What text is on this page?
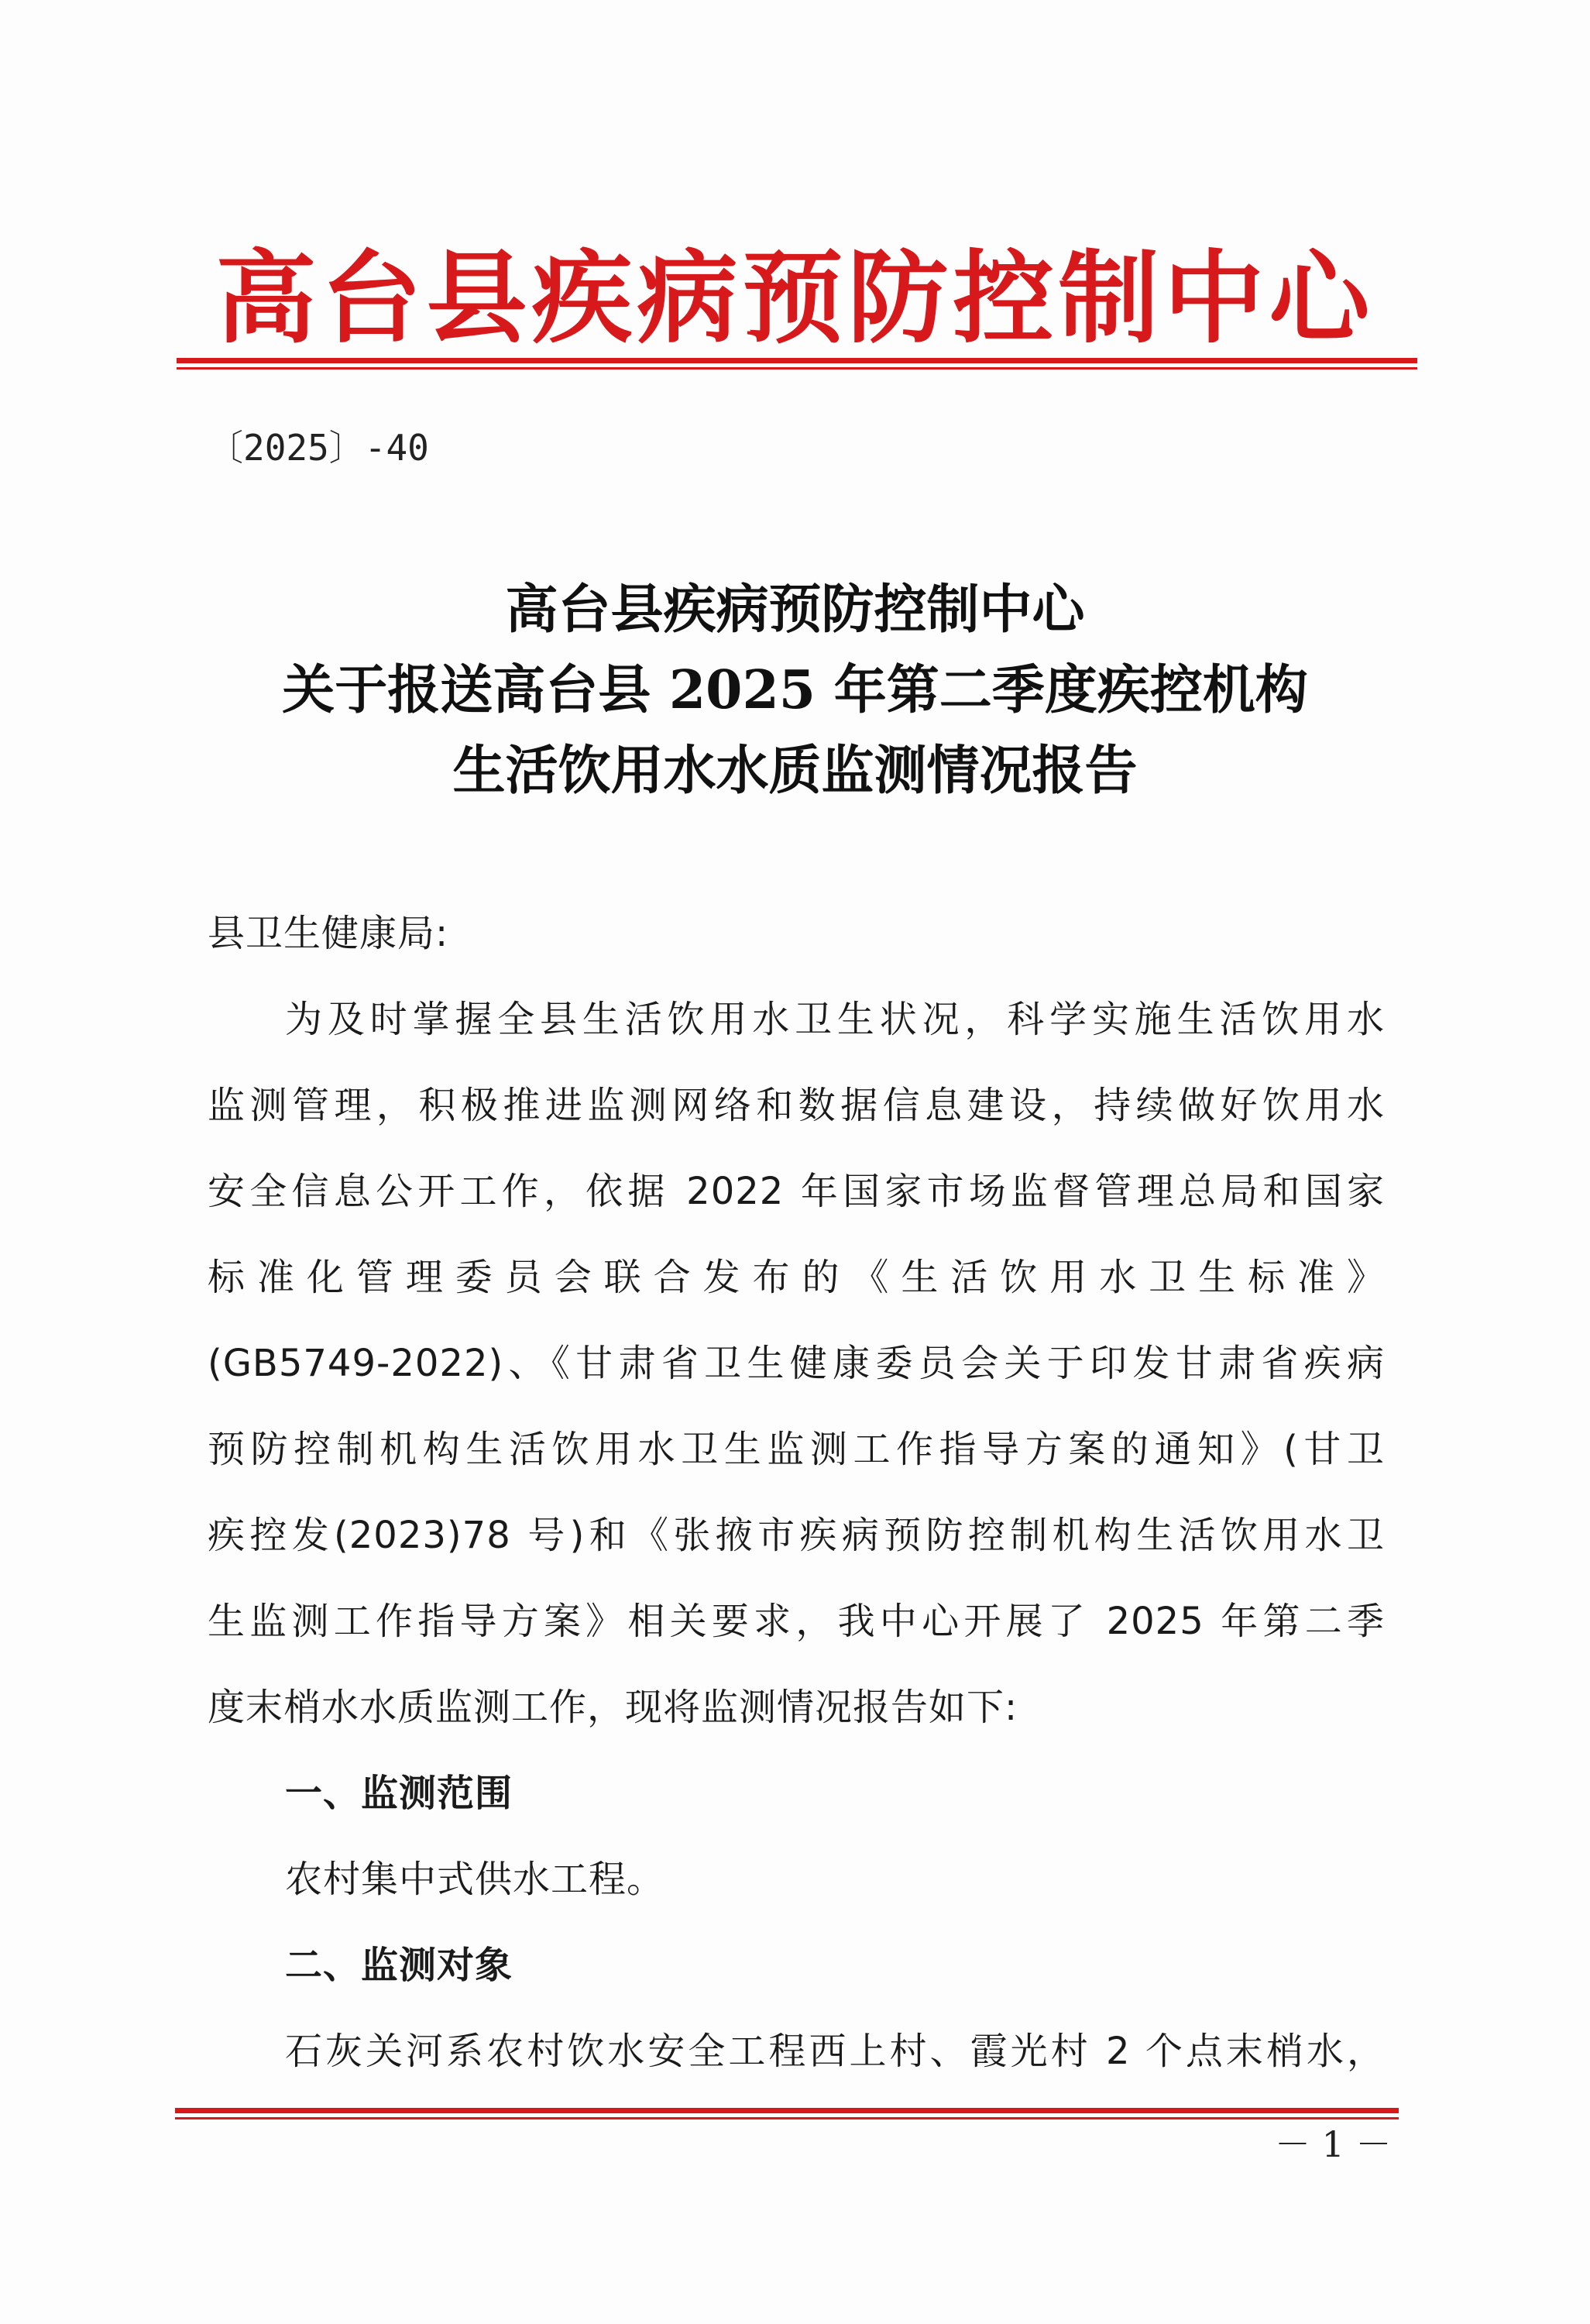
高台县疾病预防控制中心
〔2025〕-40
高台县疾病预防控制中心
关于报送高台县 2025 年第二季度疾控机构
生活饮用水水质监测情况报告
县卫生健康局:
为及时掌握全县生活饮用水卫生状况，科学实施生活饮用水
监测管理，积极推进监测网络和数据信息建设，持续做好饮用水
安全信息公开工作，依据 2022 年国家市场监督管理总局和国家
标准化管理委员会联合发布的《生活饮用水卫生标准》
(GB5749-2022)、《甘肃省卫生健康委员会关于印发甘肃省疾病
预防控制机构生活饮用水卫生监测工作指导方案的通知》(甘卫
疾控发(2023)78 号)和《张掖市疾病预防控制机构生活饮用水卫
生监测工作指导方案》相关要求，我中心开展了 2025 年第二季
度末梢水水质监测工作，现将监测情况报告如下:
一、监测范围
农村集中式供水工程。
二、监测对象
石灰关河系农村饮水安全工程西上村、霞光村 2 个点末梢水，
－ 1 －
